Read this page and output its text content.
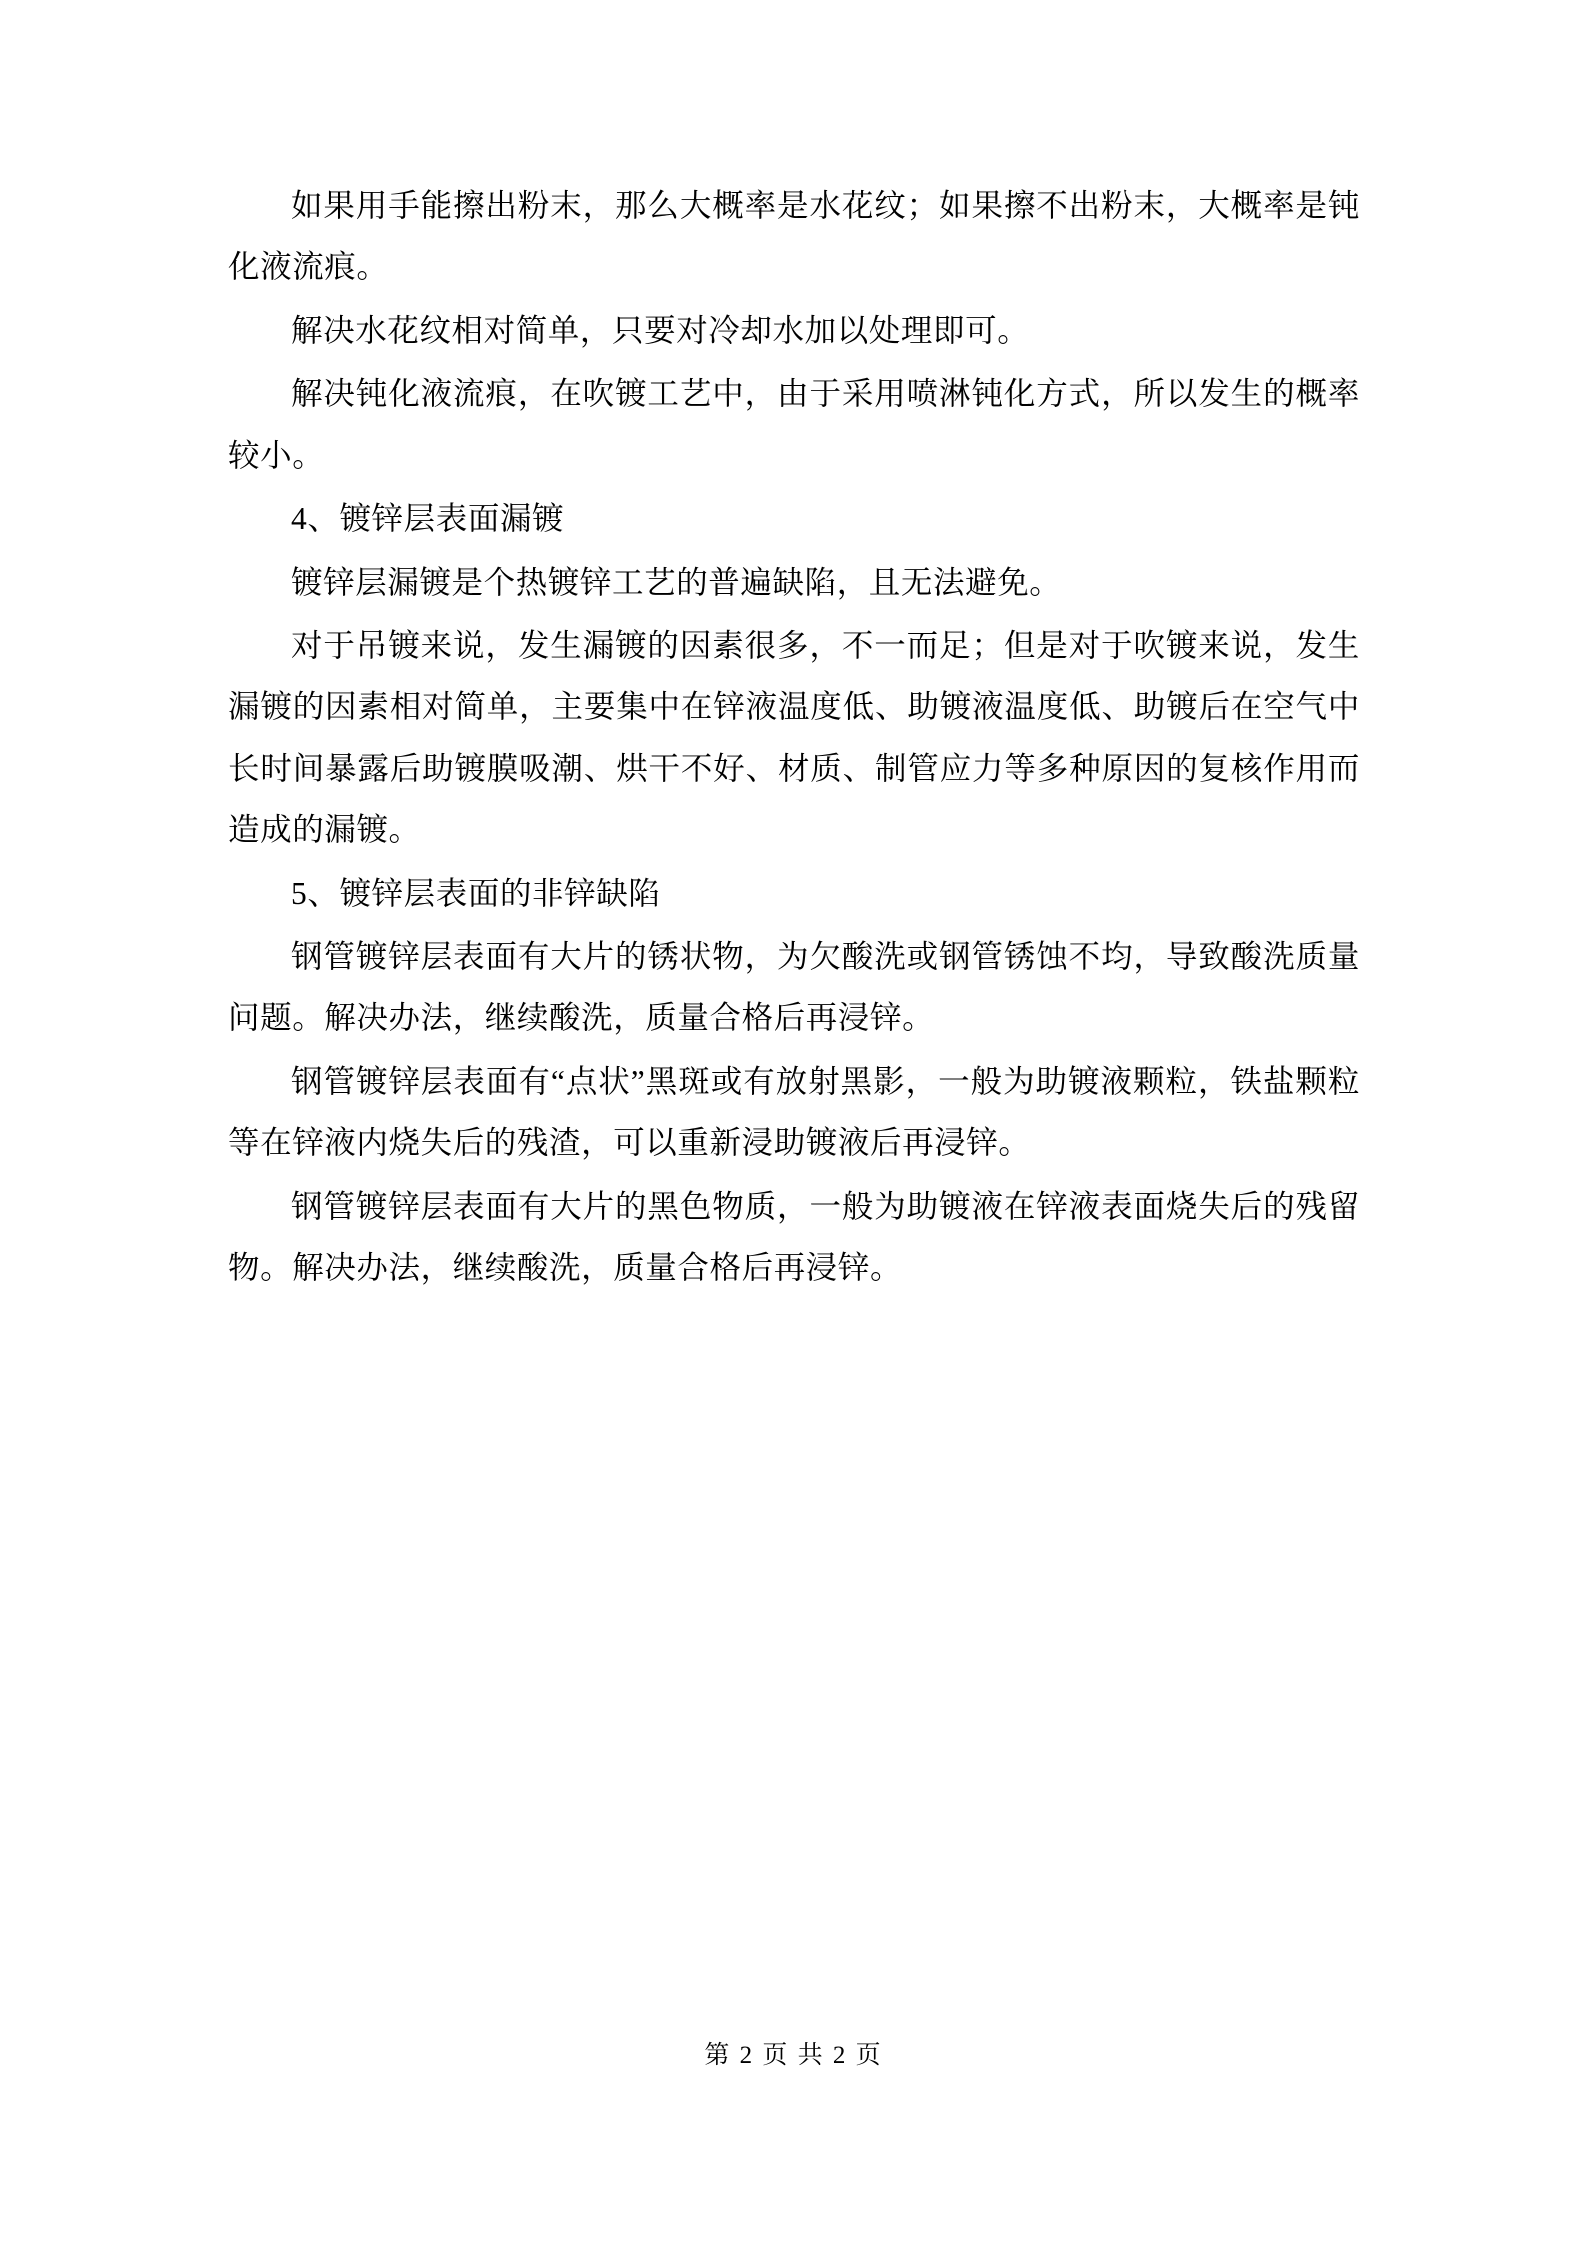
如果用手能擦出粉末，那么大概率是水花纹；如果擦不出粉末，大概率是钝化液流痕。

解决水花纹相对简单，只要对冷却水加以处理即可。

解决钝化液流痕，在吹镀工艺中，由于采用喷淋钝化方式，所以发生的概率较小。

4、镀锌层表面漏镀

镀锌层漏镀是个热镀锌工艺的普遍缺陷，且无法避免。

对于吊镀来说，发生漏镀的因素很多，不一而足；但是对于吹镀来说，发生漏镀的因素相对简单，主要集中在锌液温度低、助镀液温度低、助镀后在空气中长时间暴露后助镀膜吸潮、烘干不好、材质、制管应力等多种原因的复核作用而造成的漏镀。

5、镀锌层表面的非锌缺陷

钢管镀锌层表面有大片的锈状物，为欠酸洗或钢管锈蚀不均，导致酸洗质量问题。解决办法，继续酸洗，质量合格后再浸锌。

钢管镀锌层表面有“点状”黑斑或有放射黑影，一般为助镀液颗粒，铁盐颗粒等在锌液内烧失后的残渣，可以重新浸助镀液后再浸锌。

钢管镀锌层表面有大片的黑色物质，一般为助镀液在锌液表面烧失后的残留物。解决办法，继续酸洗，质量合格后再浸锌。

第 2 页 共 2 页
